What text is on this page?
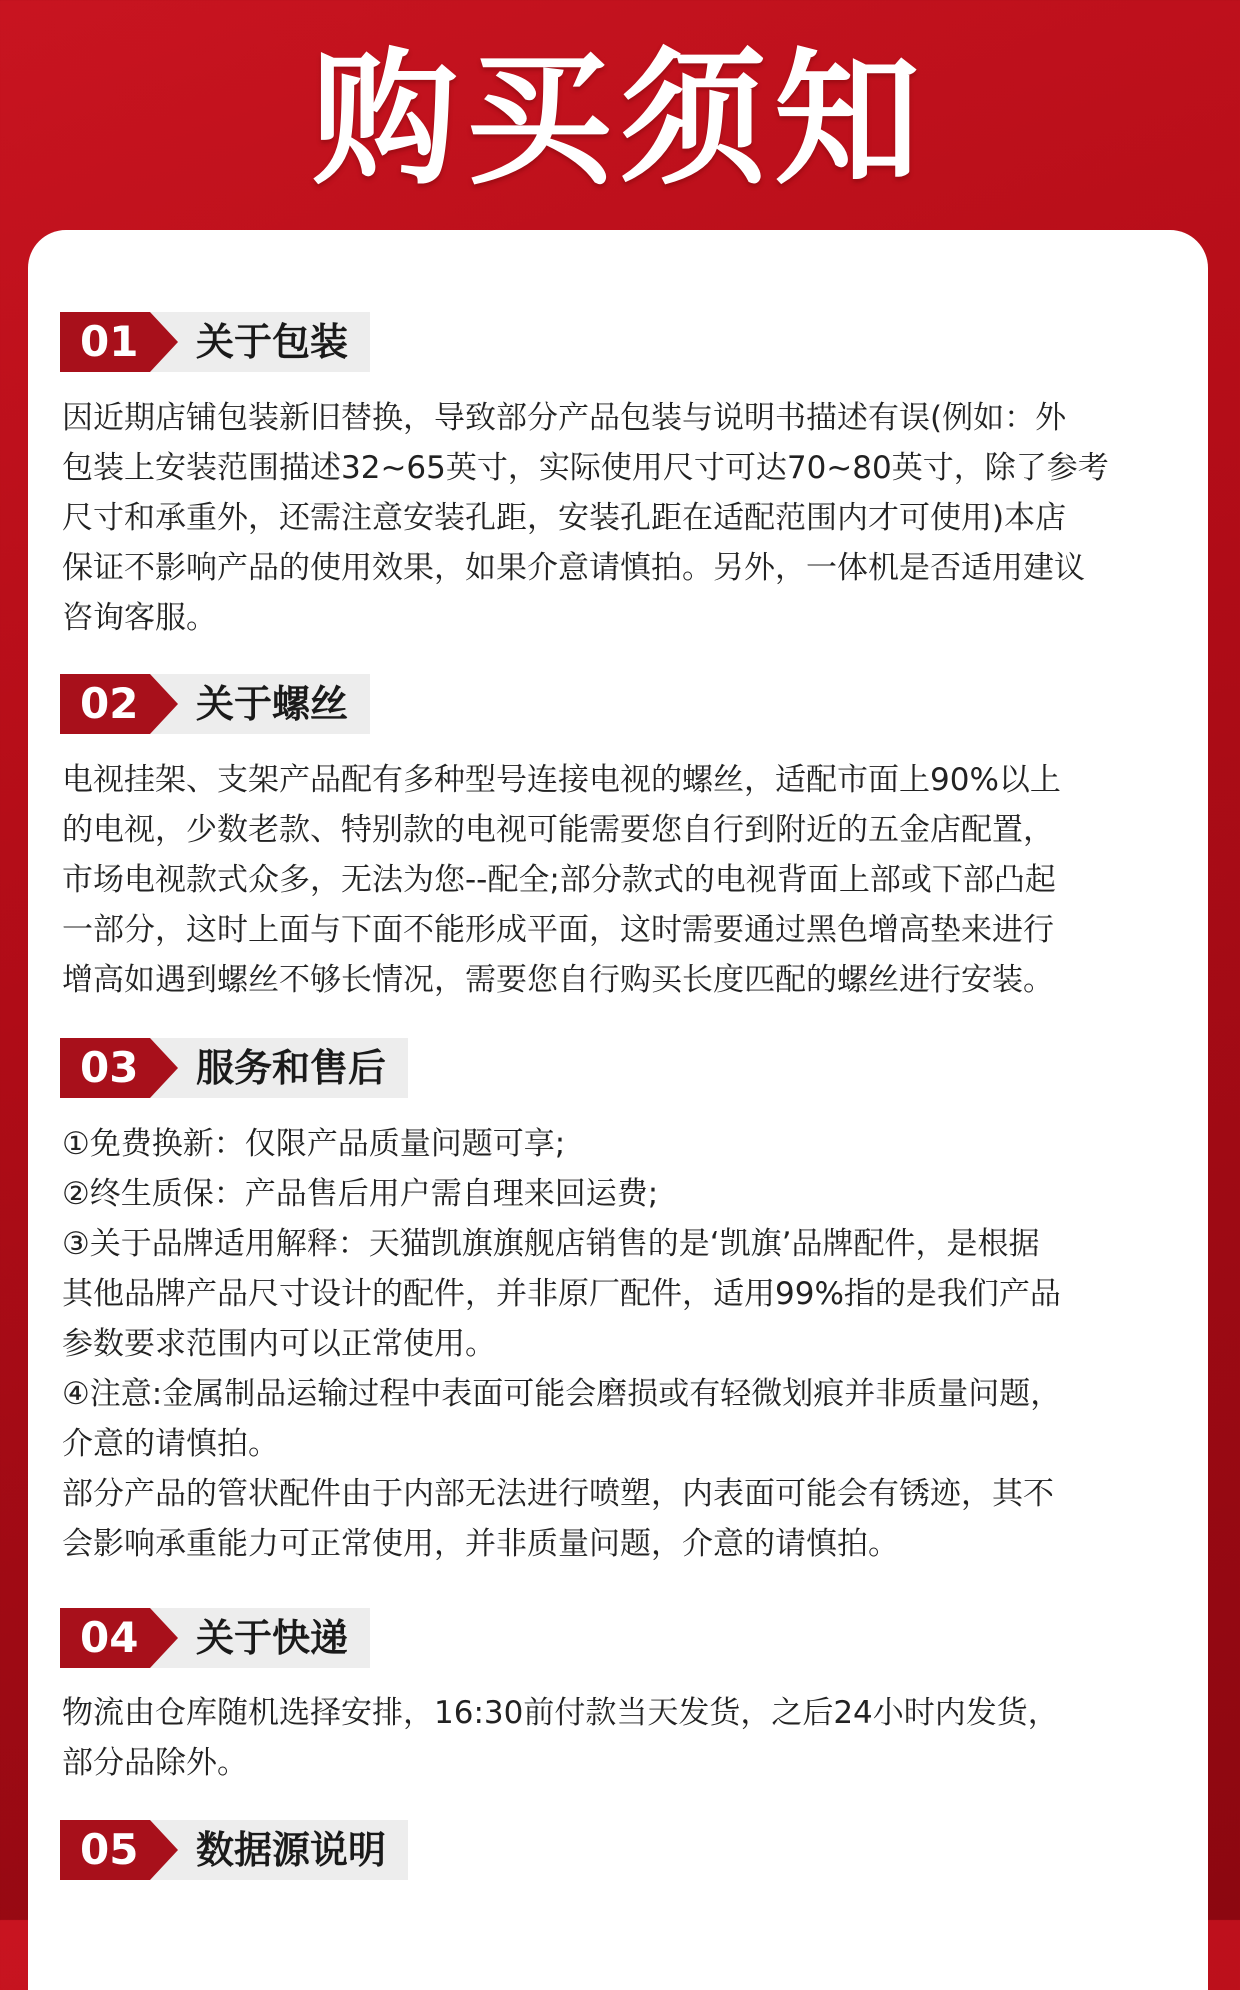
购买须知
01	关于包装

因近期店铺包装新旧替换，导致部分产品包装与说明书描述有误(例如：外
包装上安装范围描述32~65英寸，实际使用尺寸可达70~80英寸，除了参考
尺寸和承重外，还需注意安装孔距，安装孔距在适配范围内才可使用)本店
保证不影响产品的使用效果，如果介意请慎拍。另外，一体机是否适用建议
咨询客服。

02	关于螺丝

电视挂架、支架产品配有多种型号连接电视的螺丝，适配市面上90%以上
的电视，少数老款、特别款的电视可能需要您自行到附近的五金店配置，
市场电视款式众多，无法为您--配全;部分款式的电视背面上部或下部凸起
一部分，这时上面与下面不能形成平面，这时需要通过黑色增高垫来进行
增高如遇到螺丝不够长情况，需要您自行购买长度匹配的螺丝进行安装。

03	服务和售后

①免费换新：仅限产品质量问题可享;
②终生质保：产品售后用户需自理来回运费;
③关于品牌适用解释：天猫凯旗旗舰店销售的是‘凯旗’品牌配件，是根据
其他品牌产品尺寸设计的配件，并非原厂配件，适用99%指的是我们产品
参数要求范围内可以正常使用。
④注意:金属制品运输过程中表面可能会磨损或有轻微划痕并非质量问题，
介意的请慎拍。
部分产品的管状配件由于内部无法进行喷塑，内表面可能会有锈迹，其不
会影响承重能力可正常使用，并非质量问题，介意的请慎拍。

04	关于快递

物流由仓库随机选择安排，16:30前付款当天发货，之后24小时内发货，
部分品除外。

05	数据源说明
